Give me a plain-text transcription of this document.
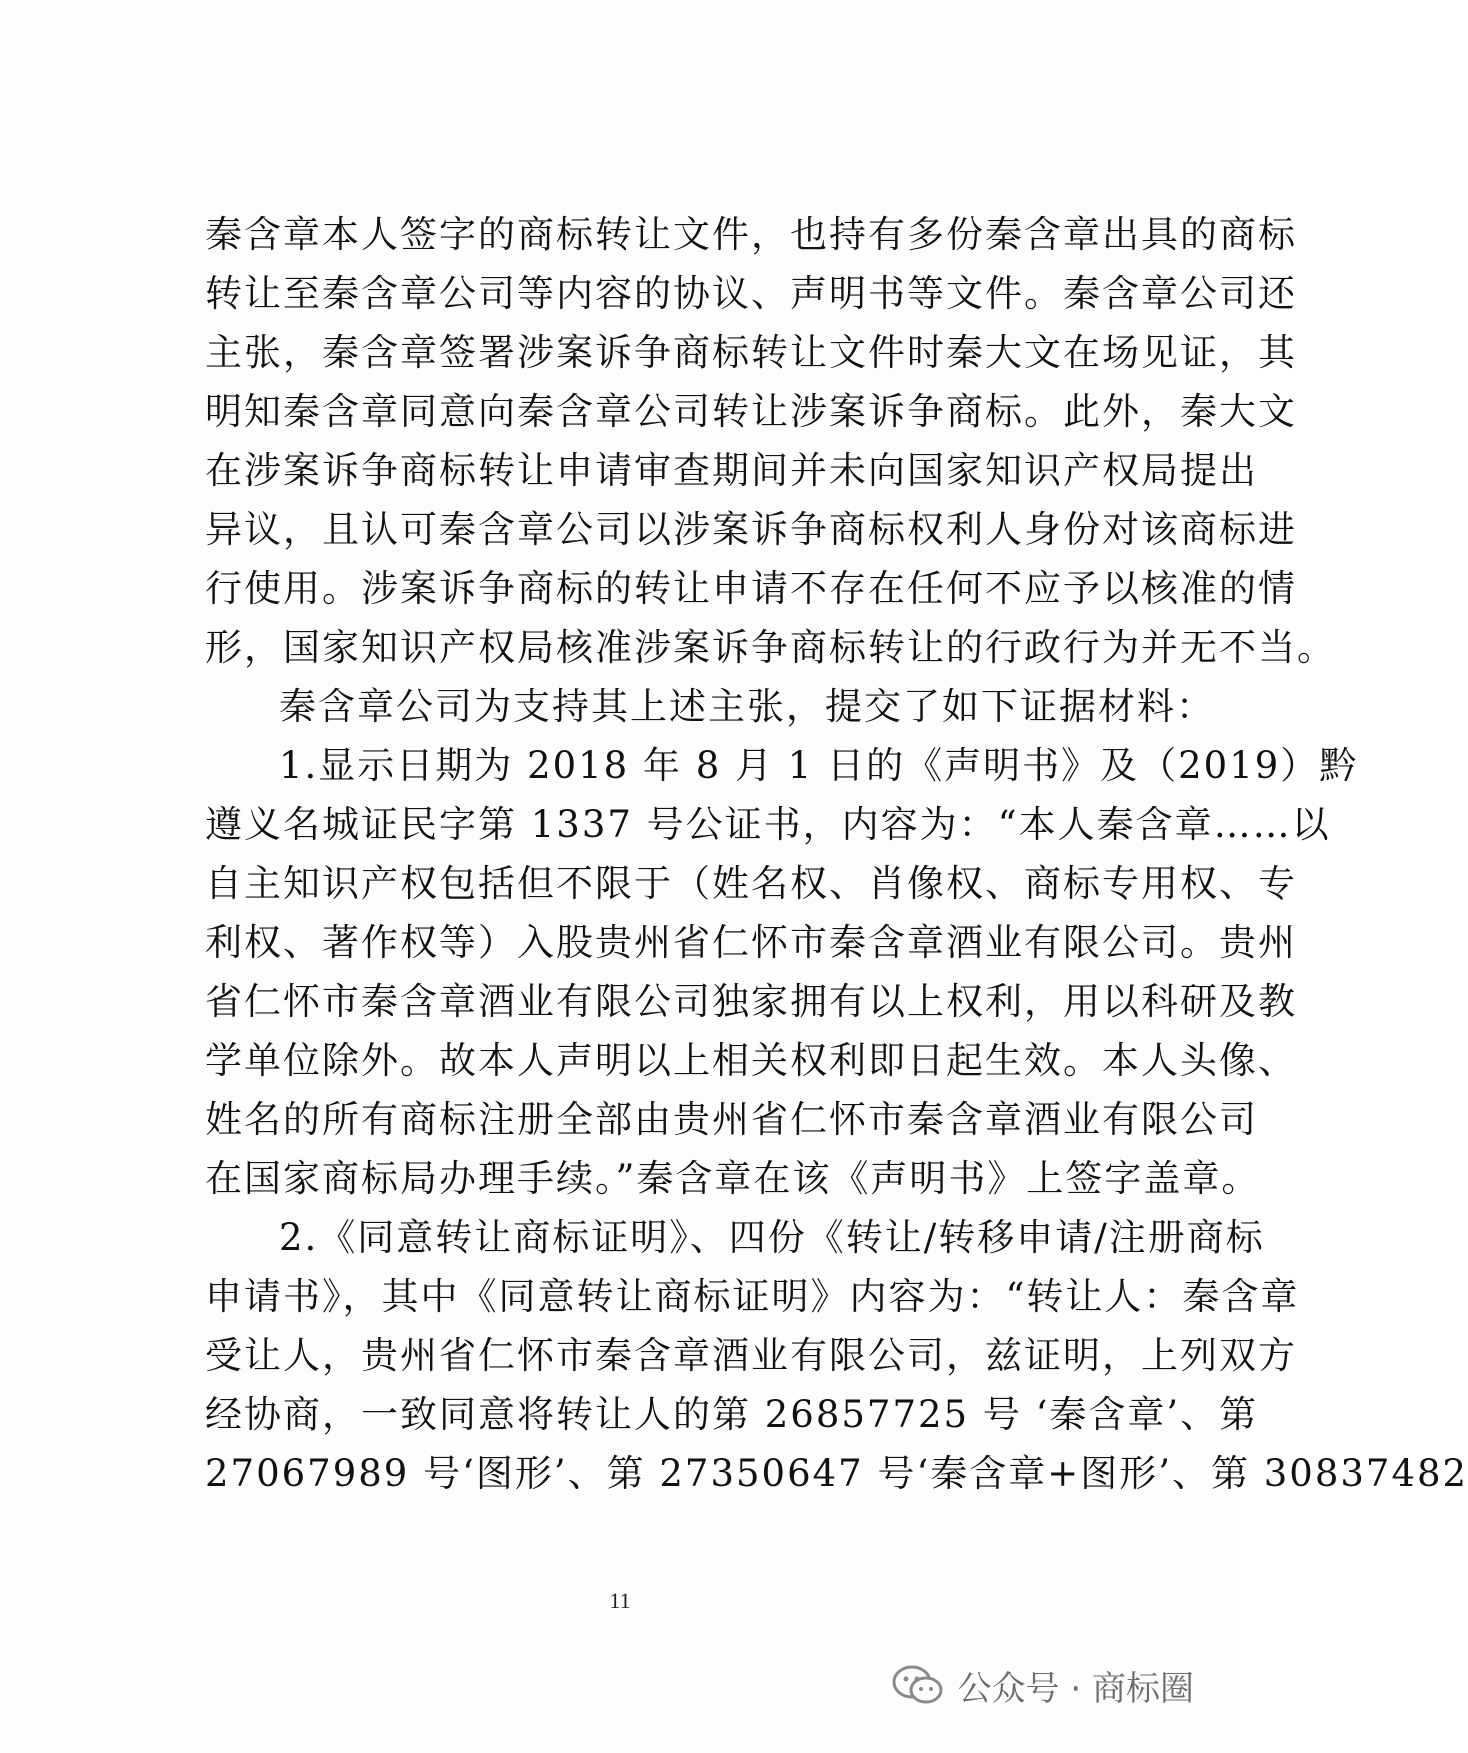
秦含章本人签字的商标转让文件，也持有多份秦含章出具的商标
转让至秦含章公司等内容的协议、声明书等文件。秦含章公司还
主张，秦含章签署涉案诉争商标转让文件时秦大文在场见证，其
明知秦含章同意向秦含章公司转让涉案诉争商标。此外，秦大文
在涉案诉争商标转让申请审查期间并未向国家知识产权局提出
异议，且认可秦含章公司以涉案诉争商标权利人身份对该商标进
行使用。涉案诉争商标的转让申请不存在任何不应予以核准的情
形，国家知识产权局核准涉案诉争商标转让的行政行为并无不当。
秦含章公司为支持其上述主张，提交了如下证据材料：
1.显示日期为 2018 年 8 月 1 日的《声明书》及（2019）黔
遵义名城证民字第 1337 号公证书，内容为：“本人秦含章……以
自主知识产权包括但不限于（姓名权、肖像权、商标专用权、专
利权、著作权等）入股贵州省仁怀市秦含章酒业有限公司。贵州
省仁怀市秦含章酒业有限公司独家拥有以上权利，用以科研及教
学单位除外。故本人声明以上相关权利即日起生效。本人头像、
姓名的所有商标注册全部由贵州省仁怀市秦含章酒业有限公司
在国家商标局办理手续。”秦含章在该《声明书》上签字盖章。
2.《同意转让商标证明》、四份《转让/转移申请/注册商标
申请书》，其中《同意转让商标证明》内容为：“转让人：秦含章
受让人，贵州省仁怀市秦含章酒业有限公司，兹证明，上列双方
经协商，一致同意将转让人的第 26857725 号 ‘秦含章’、第
27067989 号‘图形’、第 27350647 号‘秦含章+图形’、第 30837482
11
公众号 · 商标圈
